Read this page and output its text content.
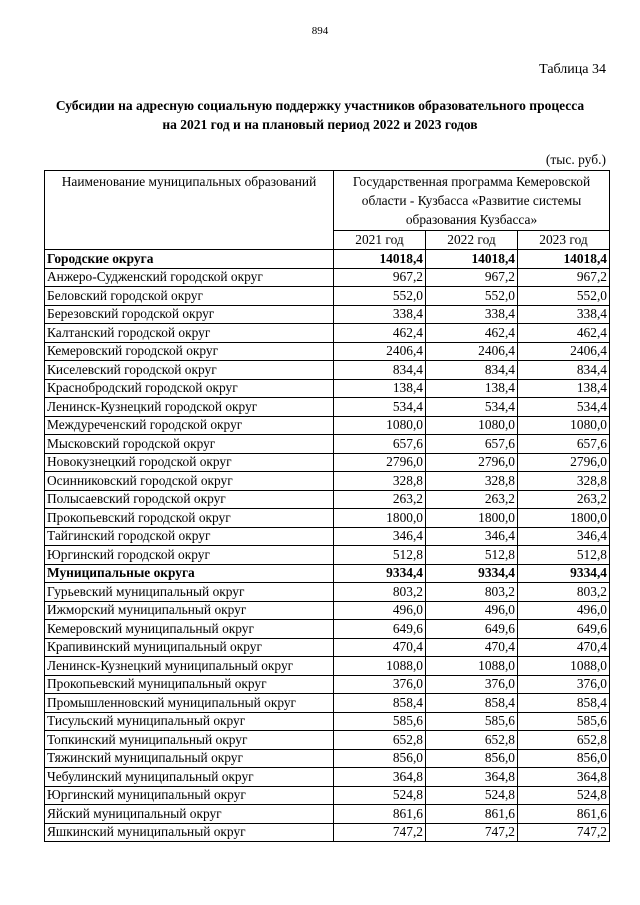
894
Таблица 34
Субсидии на адресную социальную поддержку участников образовательного процесса
на 2021 год и на плановый период 2022 и 2023 годов
(тыс. руб.)
Наименование муниципальных образований	Государственная программа Кемеровской
области - Кузбасса «Развитие системы
образования Кузбасса»		

	2021 год	2022 год	2023 год
Городские округа	14018,4	14018,4	14018,4
Анжеро-Судженский городской округ	967,2	967,2	967,2
Беловский городской округ	552,0	552,0	552,0
Березовский городской округ	338,4	338,4	338,4
Калтанский городской округ	462,4	462,4	462,4
Кемеровский городской округ	2406,4	2406,4	2406,4
Киселевский городской округ	834,4	834,4	834,4
Краснобродский городской округ	138,4	138,4	138,4
Ленинск-Кузнецкий городской округ	534,4	534,4	534,4
Междуреченский городской округ	1080,0	1080,0	1080,0
Мысковский городской округ	657,6	657,6	657,6
Новокузнецкий городской округ	2796,0	2796,0	2796,0
Осинниковский городской округ	328,8	328,8	328,8
Полысаевский городской округ	263,2	263,2	263,2
Прокопьевский городской округ	1800,0	1800,0	1800,0
Тайгинский городской округ	346,4	346,4	346,4
Юргинский городской округ	512,8	512,8	512,8
Муниципальные округа	9334,4	9334,4	9334,4
Гурьевский муниципальный округ	803,2	803,2	803,2
Ижморский муниципальный округ	496,0	496,0	496,0
Кемеровский муниципальный округ	649,6	649,6	649,6
Крапивинский муниципальный округ	470,4	470,4	470,4
Ленинск-Кузнецкий муниципальный округ	1088,0	1088,0	1088,0
Прокопьевский муниципальный округ	376,0	376,0	376,0
Промышленновский муниципальный округ	858,4	858,4	858,4
Тисульский муниципальный округ	585,6	585,6	585,6
Топкинский муниципальный округ	652,8	652,8	652,8
Тяжинский муниципальный округ	856,0	856,0	856,0
Чебулинский муниципальный округ	364,8	364,8	364,8
Юргинский муниципальный округ	524,8	524,8	524,8
Яйский муниципальный округ	861,6	861,6	861,6
Яшкинский муниципальный округ	747,2	747,2	747,2
